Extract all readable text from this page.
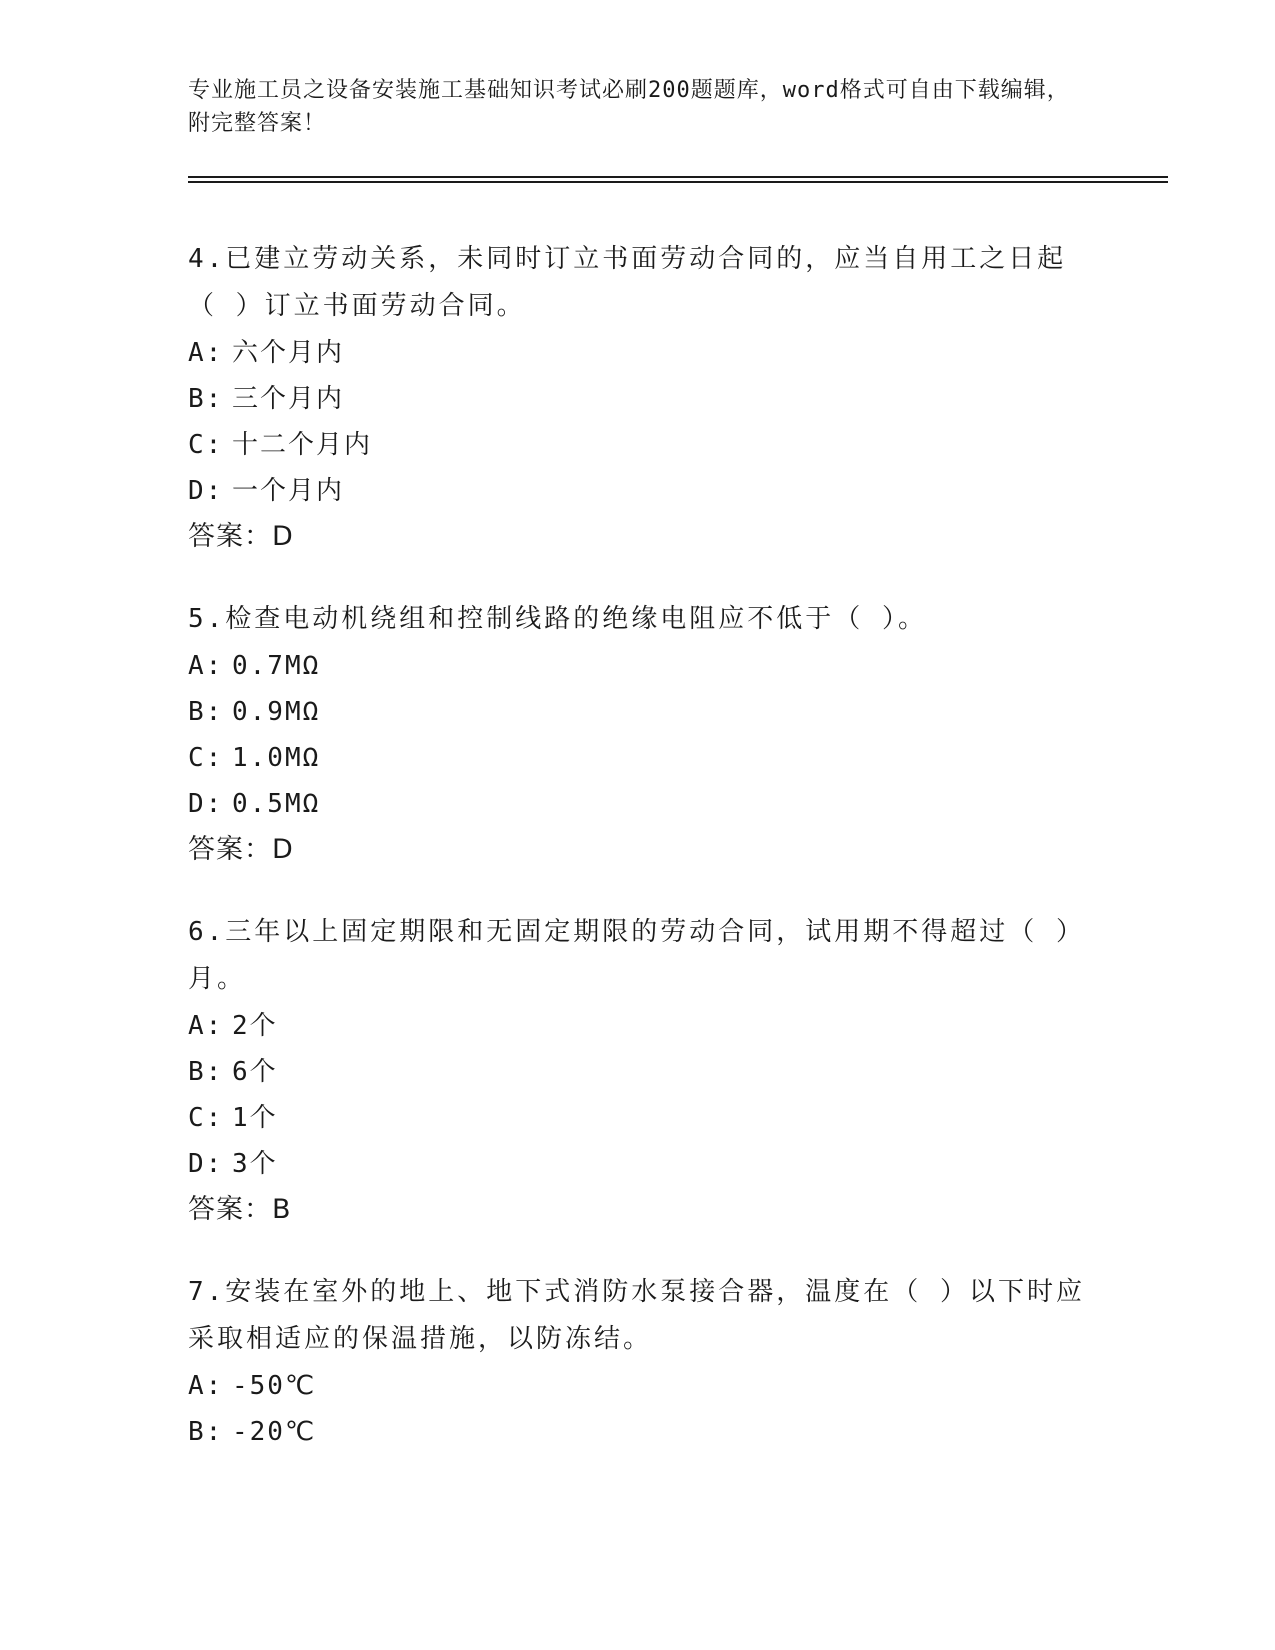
专业施工员之设备安装施工基础知识考试必刷200题题库，word格式可自由下载编辑，附完整答案！
4.已建立劳动关系，未同时订立书面劳动合同的，应当自用工之日起（ ）订立书面劳动合同。
A: 六个月内
B: 三个月内
C: 十二个月内
D: 一个月内
答案：D
5.检查电动机绕组和控制线路的绝缘电阻应不低于（ ）。
A: 0.7MΩ
B: 0.9MΩ
C: 1.0MΩ
D: 0.5MΩ
答案：D
6.三年以上固定期限和无固定期限的劳动合同，试用期不得超过（ ）月。
A: 2个
B: 6个
C: 1个
D: 3个
答案：B
7.安装在室外的地上、地下式消防水泵接合器，温度在（ ）以下时应采取相适应的保温措施，以防冻结。
A: -50℃
B: -20℃
